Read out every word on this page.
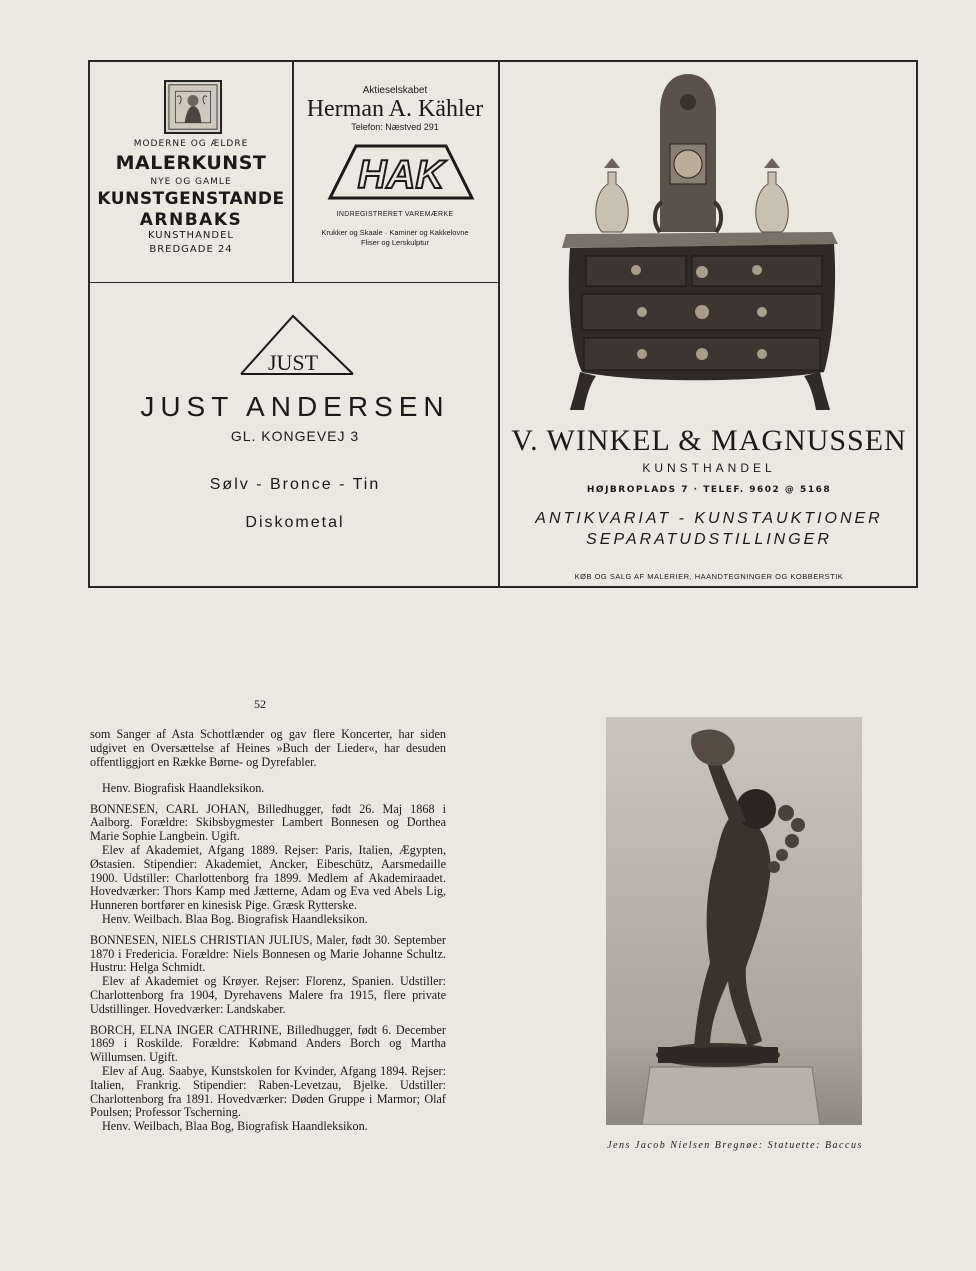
MODERNE OG ÆLDRE
MALERKUNST
NYE OG GAMLE
KUNSTGENSTANDE
ARNBAKS
KUNSTHANDEL
BREDGADE 24
Aktieselskabet
Herman A. Kähler
Telefon: Næstved 291
HAK
INDREGISTRERET VAREMÆRKE
Krukker og Skaale · Kaminer og Kakkelovne
Fliser og Lerskulptur
JUST
JUST ANDERSEN
GL. KONGEVEJ 3
Sølv - Bronce - Tin
Diskometal
V. WINKEL & MAGNUSSEN
KUNSTHANDEL
HØJBROPLADS 7 · TELEF. 9602 @ 5168
ANTIKVARIAT - KUNSTAUKTIONER
SEPARATUDSTILLINGER
KØB OG SALG AF MALERIER, HAANDTEGNINGER OG KOBBERSTIK
52

som Sanger af Asta Schottlænder og gav flere Koncerter, har siden udgivet en Oversættelse af Heines »Buch der Lieder«, har desuden offentliggjort en Række Børne- og Dyrefabler.

Henv. Biografisk Haandleksikon.

BONNESEN, CARL JOHAN, Billedhugger, født 26. Maj 1868 i Aalborg. Forældre: Skibsbygmester Lambert Bonnesen og Dorthea Marie Sophie Langbein. Ugift.

Elev af Akademiet, Afgang 1889. Rejser: Paris, Italien, Ægypten, Østasien. Stipendier: Akademiet, Ancker, Eibeschütz, Aarsmedaille 1900. Udstiller: Charlottenborg fra 1899. Medlem af Akademiraadet. Hovedværker: Thors Kamp med Jætterne, Adam og Eva ved Abels Lig, Hunneren bortfører en kinesisk Pige. Græsk Rytterske.

Henv. Weilbach. Blaa Bog. Biografisk Haandleksikon.

BONNESEN, NIELS CHRISTIAN JULIUS, Maler, født 30. September 1870 i Fredericia. Forældre: Niels Bonnesen og Marie Johanne Schultz. Hustru: Helga Schmidt.

Elev af Akademiet og Krøyer. Rejser: Florenz, Spanien. Udstiller: Charlottenborg fra 1904, Dyrehavens Malere fra 1915, flere private Udstillinger. Hovedværker: Landskaber.

BORCH, ELNA INGER CATHRINE, Billedhugger, født 6. December 1869 i Roskilde. Forældre: Købmand Anders Borch og Martha Willumsen. Ugift.

Elev af Aug. Saabye, Kunstskolen for Kvinder, Afgang 1894. Rejser: Italien, Frankrig. Stipendier: Raben-Levetzau, Bjelke. Udstiller: Charlottenborg fra 1891. Hovedværker: Døden Gruppe i Marmor; Olaf Poulsen; Professor Tscherning.

Henv. Weilbach, Blaa Bog, Biografisk Haandleksikon.

Jens Jacob Nielsen Bregnøe: Statuette: Baccus
